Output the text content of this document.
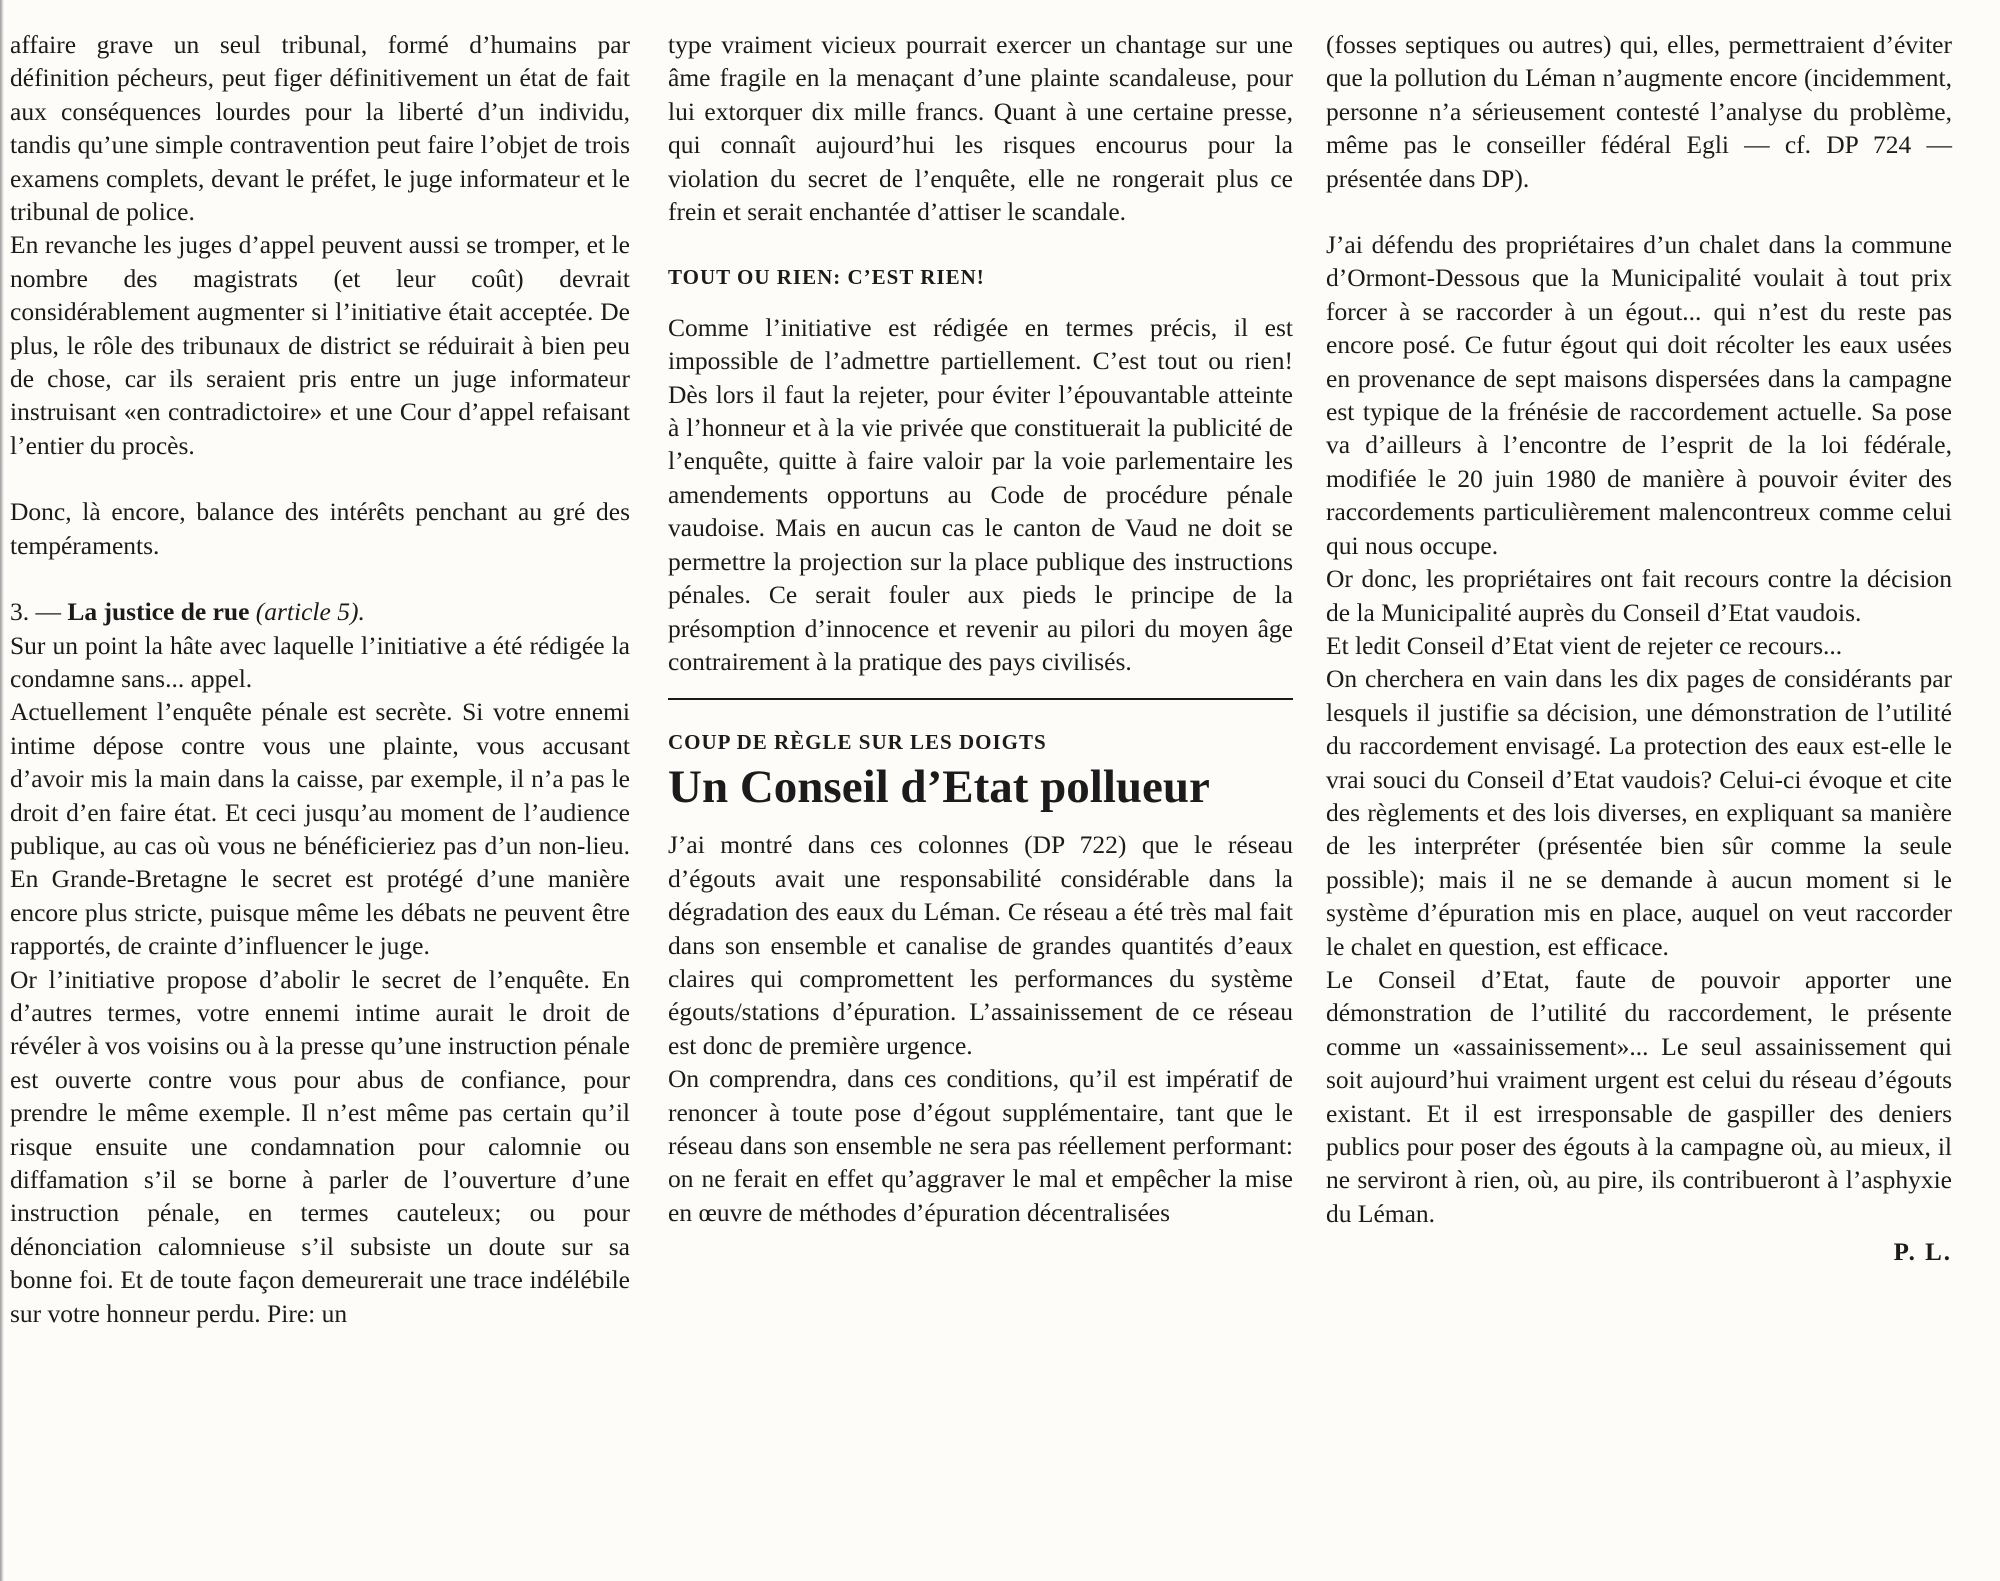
affaire grave un seul tribunal, formé d’humains par définition pécheurs, peut figer définitivement un état de fait aux conséquences lourdes pour la liberté d’un individu, tandis qu’une simple contravention peut faire l’objet de trois examens complets, devant le préfet, le juge informateur et le tribunal de police.

En revanche les juges d’appel peuvent aussi se tromper, et le nombre des magistrats (et leur coût) devrait considérablement augmenter si l’initiative était acceptée. De plus, le rôle des tribunaux de district se réduirait à bien peu de chose, car ils seraient pris entre un juge informateur instruisant «en contradictoire» et une Cour d’appel refaisant l’entier du procès.

Donc, là encore, balance des intérêts penchant au gré des tempéraments.

3. — La justice de rue (article 5).

Sur un point la hâte avec laquelle l’initiative a été rédigée la condamne sans... appel.

Actuellement l’enquête pénale est secrète. Si votre ennemi intime dépose contre vous une plainte, vous accusant d’avoir mis la main dans la caisse, par exemple, il n’a pas le droit d’en faire état. Et ceci jusqu’au moment de l’audience publique, au cas où vous ne bénéficieriez pas d’un non-lieu. En Grande-Bretagne le secret est protégé d’une manière encore plus stricte, puisque même les débats ne peuvent être rapportés, de crainte d’influencer le juge.

Or l’initiative propose d’abolir le secret de l’enquête. En d’autres termes, votre ennemi intime aurait le droit de révéler à vos voisins ou à la presse qu’une instruction pénale est ouverte contre vous pour abus de confiance, pour prendre le même exemple. Il n’est même pas certain qu’il risque ensuite une condamnation pour calomnie ou diffamation s’il se borne à parler de l’ouverture d’une instruction pénale, en termes cauteleux; ou pour dénonciation calomnieuse s’il subsiste un doute sur sa bonne foi. Et de toute façon demeurerait une trace indélébile sur votre honneur perdu. Pire: un

type vraiment vicieux pourrait exercer un chantage sur une âme fragile en la menaçant d’une plainte scandaleuse, pour lui extorquer dix mille francs. Quant à une certaine presse, qui connaît aujourd’hui les risques encourus pour la violation du secret de l’enquête, elle ne rongerait plus ce frein et serait enchantée d’attiser le scandale.

TOUT OU RIEN: C’EST RIEN!

Comme l’initiative est rédigée en termes précis, il est impossible de l’admettre partiellement. C’est tout ou rien! Dès lors il faut la rejeter, pour éviter l’épouvantable atteinte à l’honneur et à la vie privée que constituerait la publicité de l’enquête, quitte à faire valoir par la voie parlementaire les amendements opportuns au Code de procédure pénale vaudoise. Mais en aucun cas le canton de Vaud ne doit se permettre la projection sur la place publique des instructions pénales. Ce serait fouler aux pieds le principe de la présomption d’innocence et revenir au pilori du moyen âge contrairement à la pratique des pays civilisés.

COUP DE RÈGLE SUR LES DOIGTS

Un Conseil d’Etat pollueur

J’ai montré dans ces colonnes (DP 722) que le réseau d’égouts avait une responsabilité considérable dans la dégradation des eaux du Léman. Ce réseau a été très mal fait dans son ensemble et canalise de grandes quantités d’eaux claires qui compromettent les performances du système égouts/stations d’épuration. L’assainissement de ce réseau est donc de première urgence.

On comprendra, dans ces conditions, qu’il est impératif de renoncer à toute pose d’égout supplémentaire, tant que le réseau dans son ensemble ne sera pas réellement performant: on ne ferait en effet qu’aggraver le mal et empêcher la mise en œuvre de méthodes d’épuration décentralisées

(fosses septiques ou autres) qui, elles, permettraient d’éviter que la pollution du Léman n’augmente encore (incidemment, personne n’a sérieusement contesté l’analyse du problème, même pas le conseiller fédéral Egli — cf. DP 724 — présentée dans DP).

J’ai défendu des propriétaires d’un chalet dans la commune d’Ormont-Dessous que la Municipalité voulait à tout prix forcer à se raccorder à un égout... qui n’est du reste pas encore posé. Ce futur égout qui doit récolter les eaux usées en provenance de sept maisons dispersées dans la campagne est typique de la frénésie de raccordement actuelle. Sa pose va d’ailleurs à l’encontre de l’esprit de la loi fédérale, modifiée le 20 juin 1980 de manière à pouvoir éviter des raccordements particulièrement malencontreux comme celui qui nous occupe.

Or donc, les propriétaires ont fait recours contre la décision de la Municipalité auprès du Conseil d’Etat vaudois.

Et ledit Conseil d’Etat vient de rejeter ce recours...

On cherchera en vain dans les dix pages de considérants par lesquels il justifie sa décision, une démonstration de l’utilité du raccordement envisagé. La protection des eaux est-elle le vrai souci du Conseil d’Etat vaudois? Celui-ci évoque et cite des règlements et des lois diverses, en expliquant sa manière de les interpréter (présentée bien sûr comme la seule possible); mais il ne se demande à aucun moment si le système d’épuration mis en place, auquel on veut raccorder le chalet en question, est efficace.

Le Conseil d’Etat, faute de pouvoir apporter une démonstration de l’utilité du raccordement, le présente comme un «assainissement»... Le seul assainissement qui soit aujourd’hui vraiment urgent est celui du réseau d’égouts existant. Et il est irresponsable de gaspiller des deniers publics pour poser des égouts à la campagne où, au mieux, il ne serviront à rien, où, au pire, ils contribueront à l’asphyxie du Léman.

P. L.
